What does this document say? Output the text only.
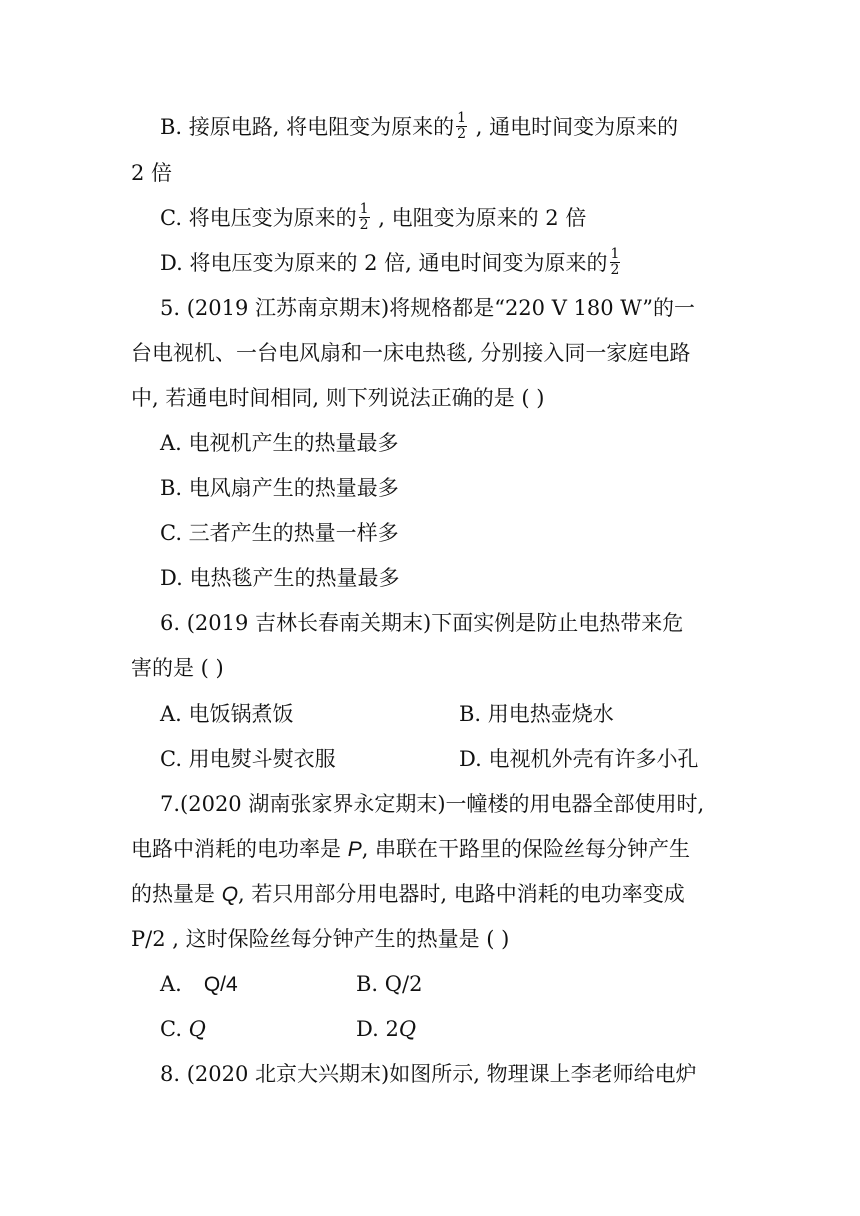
B. 接原电路, 将电阻变为原来的 $\frac{1}{2}$ , 通电时间变为原来的
2 倍
C. 将电压变为原来的 $\frac{1}{2}$ , 电阻变为原来的 2 倍
D. 将电压变为原来的 2 倍, 通电时间变为原来的 $\frac{1}{2}$
5. (2019 江苏南京期末)将规格都是“220 V 180 W”的一
台电视机、一台电风扇和一床电热毯, 分别接入同一家庭电路
中, 若通电时间相同, 则下列说法正确的是 ( )
A. 电视机产生的热量最多
B. 电风扇产生的热量最多
C. 三者产生的热量一样多
D. 电热毯产生的热量最多
6. (2019 吉林长春南关期末)下面实例是防止电热带来危
害的是 ( )
A. 电饭锅煮饭	B. 用电热壶烧水
C. 用电熨斗熨衣服	D. 电视机外壳有许多小孔
7.(2020 湖南张家界永定期末)一幢楼的用电器全部使用时,
电路中消耗的电功率是 P, 串联在干路里的保险丝每分钟产生
的热量是 Q, 若只用部分用电器时, 电路中消耗的电功率变成
P/2 , 这时保险丝每分钟产生的热量是 ( )
A. Q/4	B. Q/2
C. Q	D. 2Q
8. (2020 北京大兴期末)如图所示, 物理课上李老师给电炉
